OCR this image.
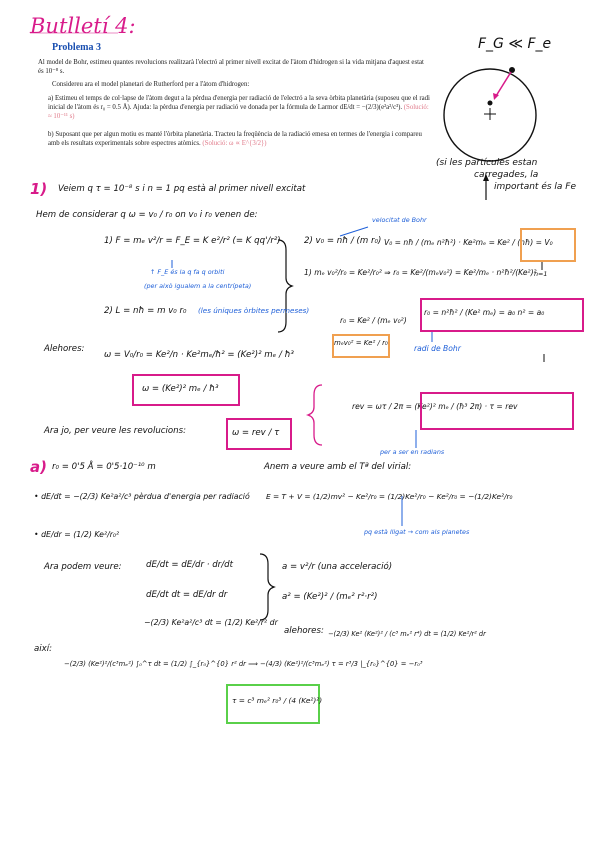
Butlletí 4:
Problema 3
Al model de Bohr, estimeu quantes revolucions realitzarà l'electró al primer nivell excitat de l'àtom d'hidrogen si la vida mitjana d'aquest estat és 10⁻⁸ s.
Considereu ara el model planetari de Rutherford per a l'àtom d'hidrogen:
a) Estimeu el temps de col·lapse de l'àtom degut a la pèrdua d'energia per radiació de l'electró a la seva òrbita planetària (suposeu que el radi inicial de l'àtom és r₀ = 0.5 Å). Ajuda: la pèrdua d'energia per radiació ve donada per la fórmula de Larmor dE/dt = −(2/3)(e²a²/c³). (Solució: ≈ 10⁻¹¹ s)
b) Suposant que per algun motiu es manté l'òrbita planetària. Tracteu la freqüència de la radiació emesa en termes de l'energia i compareu amb els resultats experimentals sobre espectres atòmics. (Solució: ω ∝ E^{3/2})
F_G ≪ F_e
(si les partícules estan
carregades, la
important és la Fe
1) Veiem q τ = 10⁻⁸ s i n = 1 pq està al primer nivell excitat
Hem de considerar q ω = v₀ / r₀ on v₀ i r₀ venen de:
1) F = mₑ v²/r = F_E = K e²/r² (= K qq'/r²)
↑ F_E és la q fa q orbiti
(per això igualem a la centrípeta)
2) v₀ = nħ / (m r₀)
velocitat de Bohr
V₀ = nħ / (mₑ n²ħ²) · Ke²mₑ = Ke² / (nħ) = V₀
n=1
1) mₑ v₀²/r₀ = Ke²/r₀² ⇒ r₀ = Ke²/(mₑv₀²) = Ke²/mₑ · n²ħ²/(Ke²)²
2) L = nħ = m v₀ r₀ (les úniques òrbites permeses)
r₀ = Ke² / (mₑ v₀²)
r₀ = n²ħ² / (Ke² mₑ) = a₀ n² = a₀
radi de Bohr
mₑv₀² = Ke² / r₀
Alehores:
ω = V₀/r₀ = Ke²/n · Ke²mₑ/ħ² = (Ke²)² mₑ / ħ³
ω = (Ke²)² mₑ / ħ³
rev = ωτ / 2π = (Ke²)² mₑ / (ħ³ 2π) · τ = rev
per a ser en radians
Ara jo, per veure les revolucions:	ω = rev / τ
a) r₀ = 0'5 Å = 0'5·10⁻¹⁰ m	Anem a veure amb el Tª del virial:
• dE/dt = −(2/3) Ke²a²/c³ pèrdua d'energia per radiació
• dE/dr = (1/2) Ke²/r₀²
E = T + V = (1/2)mv² − Ke²/r₀ = (1/2)Ke²/r₀ − Ke²/r₀ = −(1/2)Ke²/r₀
pq està lligat → com als planetes
Ara podem veure:	dE/dt = dE/dr · dr/dt
dE/dt dt = dE/dr dr
−(2/3) Ke²a²/c³ dt = (1/2) Ke²/r² dr
a = v²/r (una acceleració)
a² = (Ke²)² / (mₑ² r²·r²)
alehores: −(2/3) Ke² (Ke²)² / (c³ mₑ² r⁴) dt = (1/2) Ke²/r² dr
així:
−(2/3) (Ke²)²/(c³mₑ²) ∫₀^τ dt = (1/2) ∫_{r₀}^{0} r² dr ⟹ −(4/3) (Ke²)²/(c³mₑ²) τ = r³/3 |_{r₀}^{0} = −r₀³
τ = c³ mₑ² r₀³ / (4 (Ke²)²)
